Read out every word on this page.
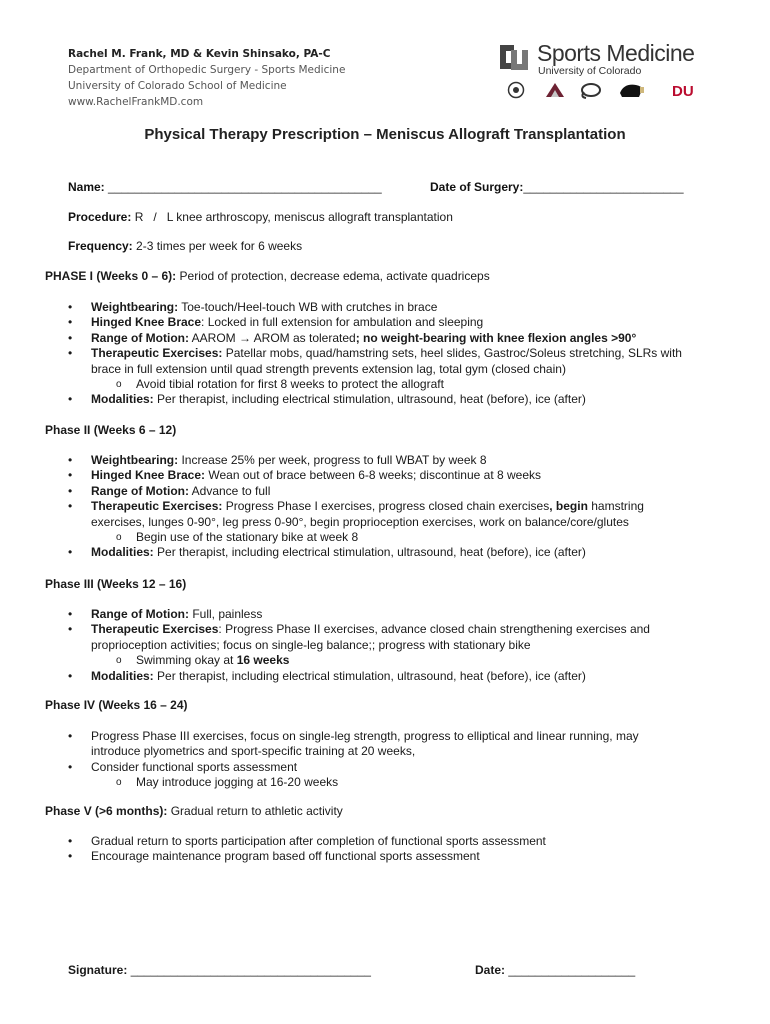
Rachel M. Frank, MD & Kevin Shinsako, PA-C
Department of Orthopedic Surgery - Sports Medicine
University of Colorado School of Medicine
www.RachelFrankMD.com
Sports Medicine
University of Colorado
DU
Physical Therapy Prescription – Meniscus Allograft Transplantation
Name: _________________________________________	Date of Surgery:________________________
Procedure: R   /   L knee arthroscopy, meniscus allograft transplantation
Frequency: 2-3 times per week for 6 weeks
PHASE I (Weeks 0 – 6): Period of protection, decrease edema, activate quadriceps
• Weightbearing: Toe-touch/Heel-touch WB with crutches in brace
• Hinged Knee Brace: Locked in full extension for ambulation and sleeping
• Range of Motion: AAROM → AROM as tolerated; no weight-bearing with knee flexion angles >90°
• Therapeutic Exercises: Patellar mobs, quad/hamstring sets, heel slides, Gastroc/Soleus stretching, SLRs with brace in full extension until quad strength prevents extension lag, total gym (closed chain)
o Avoid tibial rotation for first 8 weeks to protect the allograft
• Modalities: Per therapist, including electrical stimulation, ultrasound, heat (before), ice (after)
Phase II (Weeks 6 – 12)
• Weightbearing: Increase 25% per week, progress to full WBAT by week 8
• Hinged Knee Brace: Wean out of brace between 6-8 weeks; discontinue at 8 weeks
• Range of Motion: Advance to full
• Therapeutic Exercises: Progress Phase I exercises, progress closed chain exercises, begin hamstring exercises, lunges 0-90°, leg press 0-90°, begin proprioception exercises, work on balance/core/glutes
o Begin use of the stationary bike at week 8
• Modalities: Per therapist, including electrical stimulation, ultrasound, heat (before), ice (after)
Phase III (Weeks 12 – 16)
• Range of Motion: Full, painless
• Therapeutic Exercises: Progress Phase II exercises, advance closed chain strengthening exercises and proprioception activities; focus on single-leg balance;; progress with stationary bike
o Swimming okay at 16 weeks
• Modalities: Per therapist, including electrical stimulation, ultrasound, heat (before), ice (after)
Phase IV (Weeks 16 – 24)
• Progress Phase III exercises, focus on single-leg strength, progress to elliptical and linear running, may introduce plyometrics and sport-specific training at 20 weeks,
• Consider functional sports assessment
o May introduce jogging at 16-20 weeks
Phase V (>6 months): Gradual return to athletic activity
• Gradual return to sports participation after completion of functional sports assessment
• Encourage maintenance program based off functional sports assessment
Signature: ____________________________________	Date: ___________________
